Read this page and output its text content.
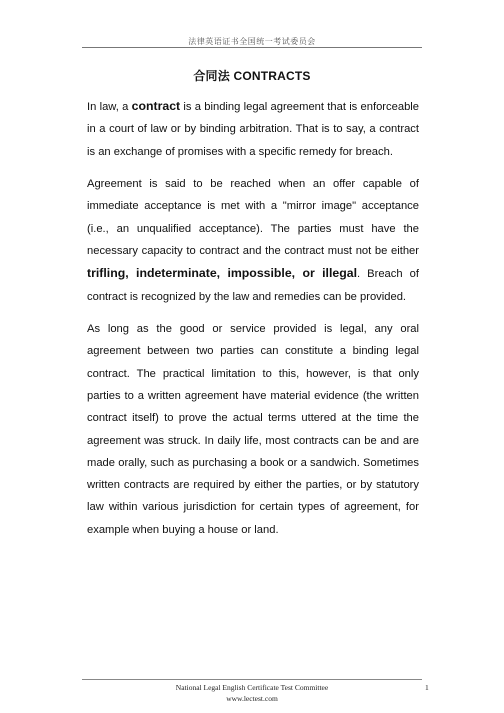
法律英语证书全国统一考试委员会
合同法 CONTRACTS

In law, a contract is a binding legal agreement that is enforceable in a court of law or by binding arbitration. That is to say, a contract is an exchange of promises with a specific remedy for breach.

Agreement is said to be reached when an offer capable of immediate acceptance is met with a "mirror image" acceptance (i.e., an unqualified acceptance). The parties must have the necessary capacity to contract and the contract must not be either trifling, indeterminate, impossible, or illegal. Breach of contract is recognized by the law and remedies can be provided.

As long as the good or service provided is legal, any oral agreement between two parties can constitute a binding legal contract. The practical limitation to this, however, is that only parties to a written agreement have material evidence (the written contract itself) to prove the actual terms uttered at the time the agreement was struck. In daily life, most contracts can be and are made orally, such as purchasing a book or a sandwich. Sometimes written contracts are required by either the parties, or by statutory law within various jurisdiction for certain types of agreement, for example when buying a house or land.

National Legal English Certificate Test Committee
www.lectest.com
1
